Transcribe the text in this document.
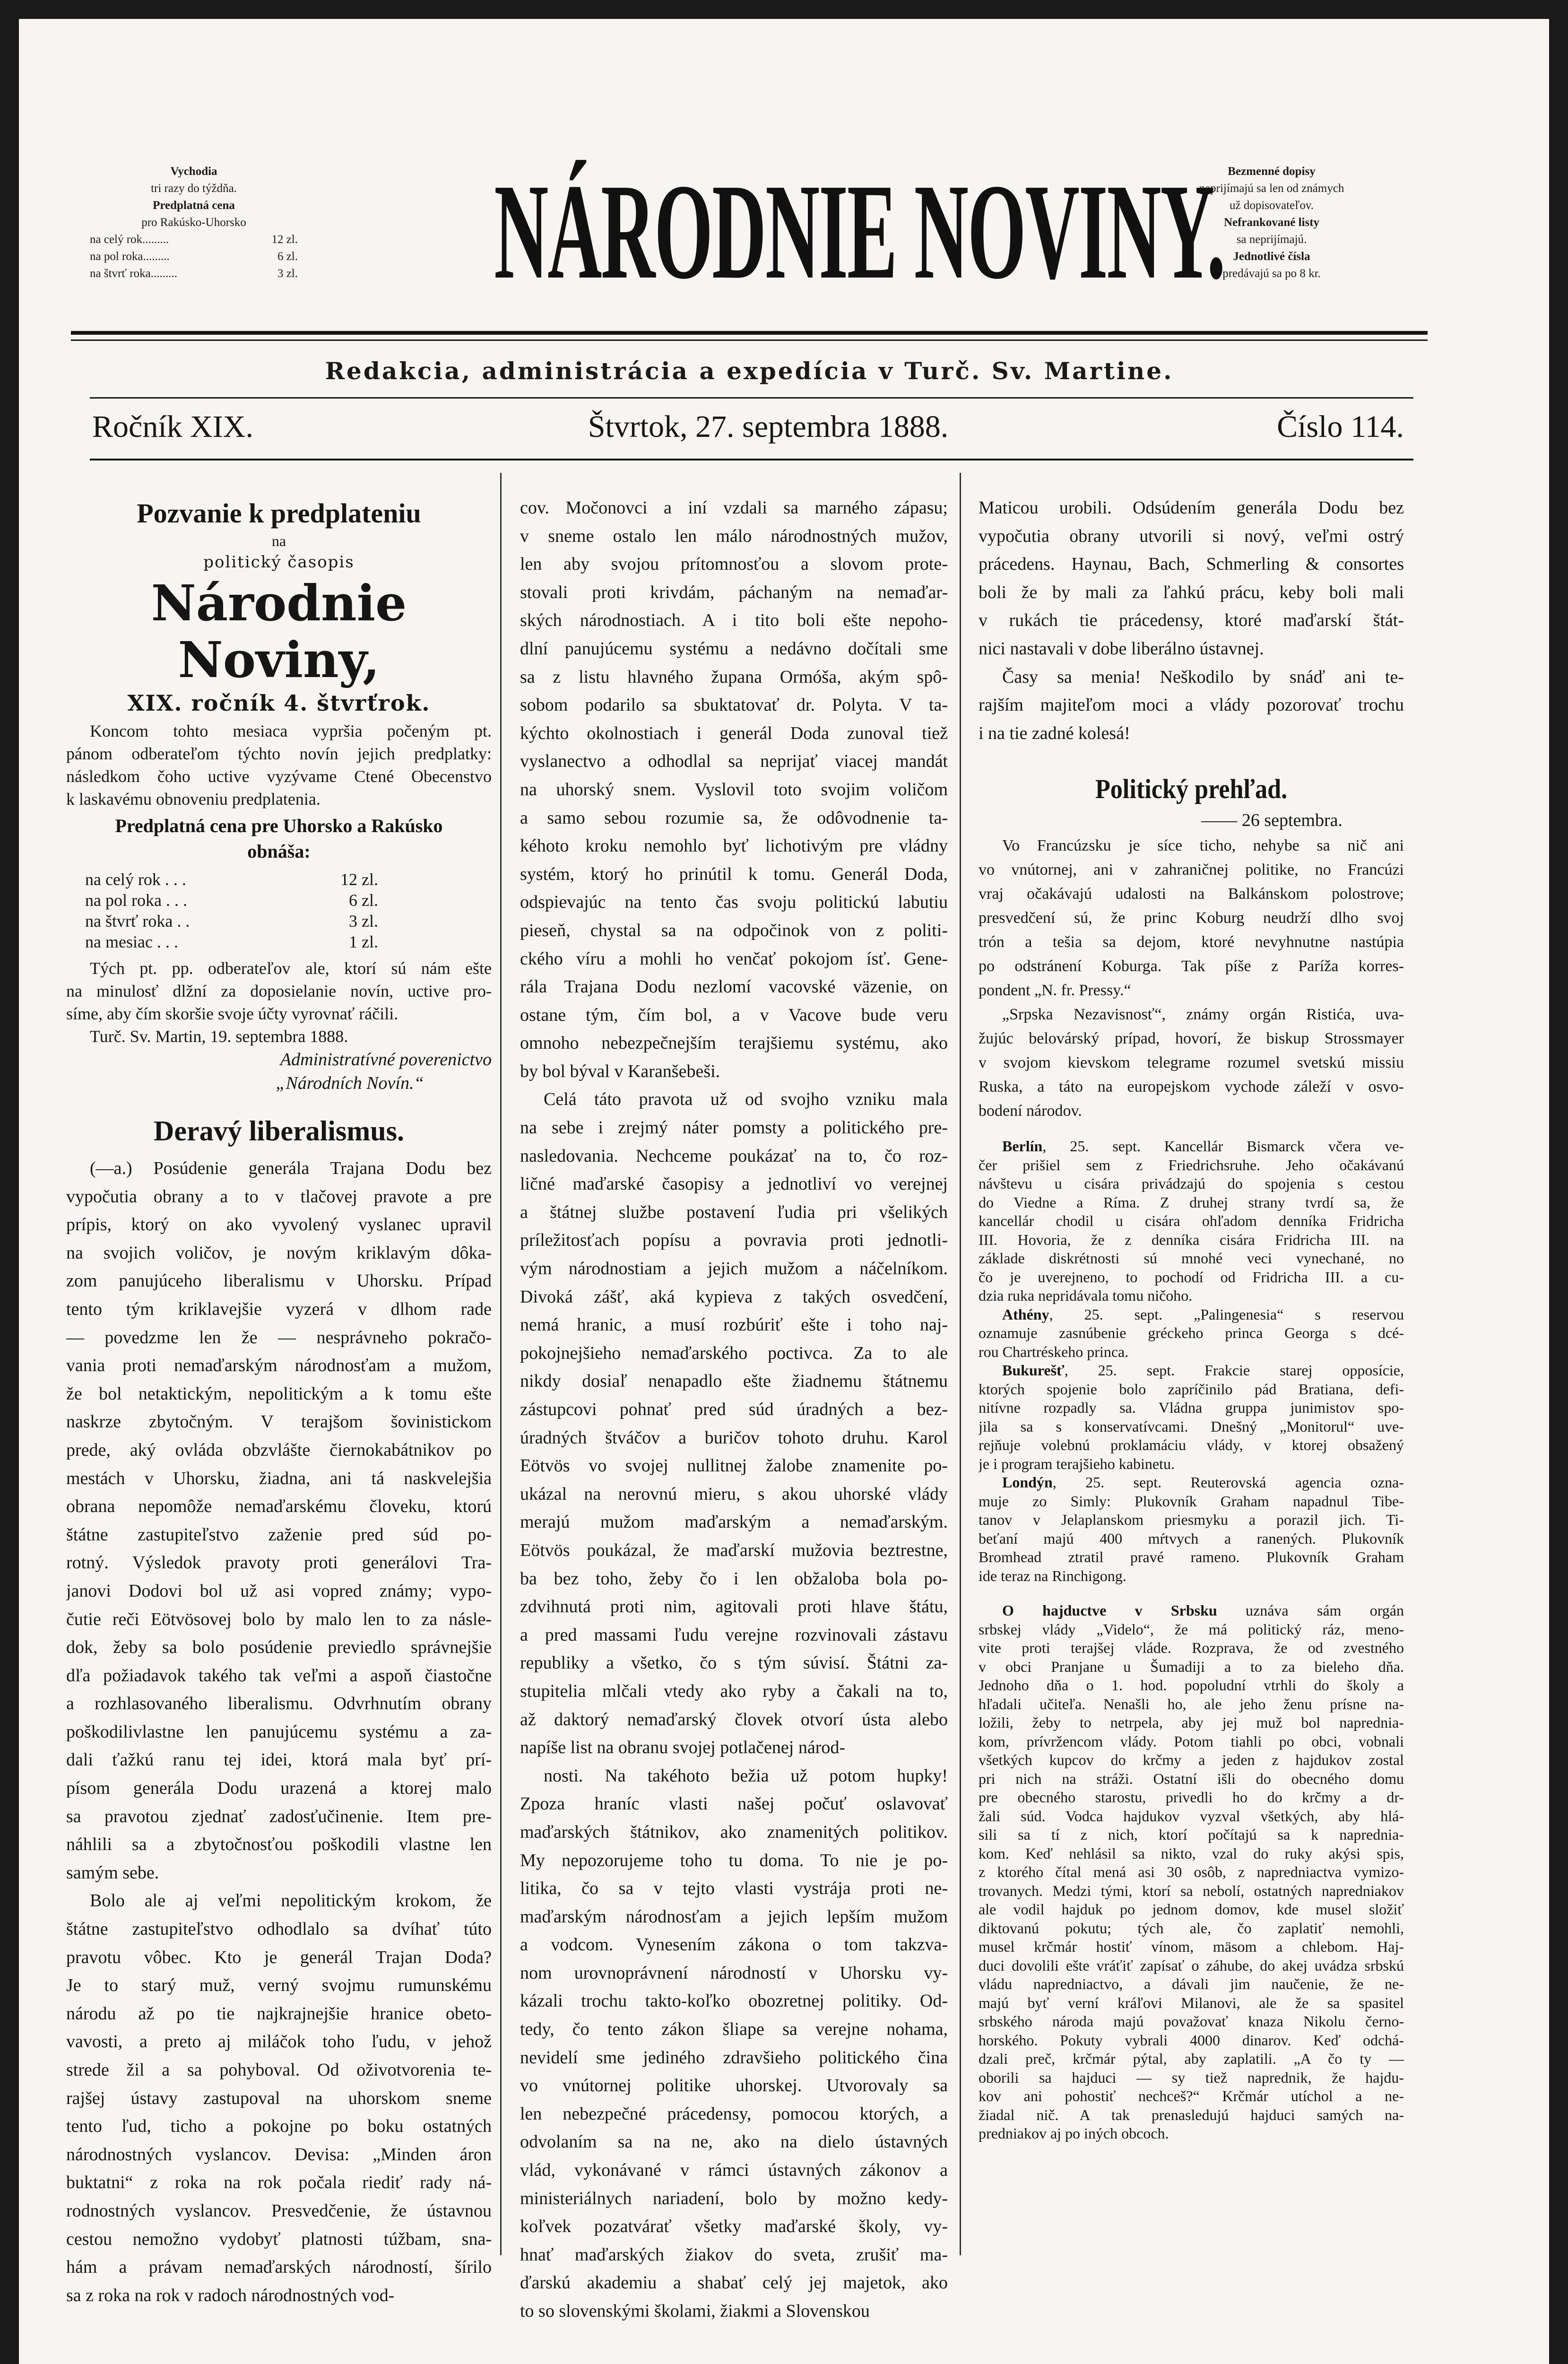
Vychodia
tri razy do týždňa.
Predplatná cena
pro Rakúsko-Uhorsko
na celý rok.........	12 zl.
na pol roka.........	6 zl.
na štvrť roka.........	3 zl. NÁRODNIE NOVINY. Bezmenné dopisy
neprijímajú sa len od známych
už dopisovateľov.
Nefrankované listy
sa neprijímajú.
Jednotlivé čísla
predávajú sa po 8 kr.
Redakcia, administrácia a expedícia v Turč. Sv. Martine.
Ročník XIX.	Štvrtok, 27. septembra 1888.	Číslo 114.
Pozvanie k predplateniu
na
politický časopis
Národnie Noviny,
XIX. ročník 4. štvrťrok.
Koncom tohto mesiaca vypršia počeným pt.
pánom odberateľom týchto novín jejich predplatky:
následkom čoho uctive vyzývame Ctené Obecenstvo
k laskavému obnoveniu predplatenia.
Predplatná cena pre Uhorsko a Rakúsko
obnáša:
na celý rok . . .	12 zl.
na pol roka . . .	6 zl.
na štvrť roka . .	3 zl.
na mesiac . . .	1 zl.
Tých pt. pp. odberateľov ale, ktorí sú nám ešte
na minulosť dlžní za doposielanie novín, uctive pro-
síme, aby čím skoršie svoje účty vyrovnať ráčili.
Turč. Sv. Martin, 19. septembra 1888.
Administratívné poverenictvo
„Národních Novín.“
Deravý liberalismus.
(—a.) Posúdenie generála Trajana Dodu bez
vypočutia obrany a to v tlačovej pravote a pre
prípis, ktorý on ako vyvolený vyslanec upravil
na svojich voličov, je novým kriklavým dôka-
zom panujúceho liberalismu v Uhorsku. Prípad
tento tým kriklavejšie vyzerá v dlhom rade
— povedzme len že — nesprávneho pokračo-
vania proti nemaďarským národnosťam a mužom,
že bol netaktickým, nepolitickým a k tomu ešte
naskrze zbytočným. V terajšom šovinistickom
prede, aký ovláda obzvlášte čiernokabátnikov po
mestách v Uhorsku, žiadna, ani tá naskvelejšia
obrana nepomôže nemaďarskému človeku, ktorú
štátne zastupiteľstvo zaženie pred súd po-
rotný. Výsledok pravoty proti generálovi Tra-
janovi Dodovi bol už asi vopred známy; vypo-
čutie reči Eötvösovej bolo by malo len to za násle-
dok, žeby sa bolo posúdenie previedlo správnejšie
dľa požiadavok takého tak veľmi a aspoň čiastočne
a rozhlasovaného liberalismu. Odvrhnutím obrany
poškodilivlastne len panujúcemu systému a za-
dali ťažkú ranu tej idei, ktorá mala byť prí-
písom generála Dodu urazená a ktorej malo
sa pravotou zjednať zadosťučinenie. Item pre-
náhlili sa a zbytočnosťou poškodili vlastne len
samým sebe.
Bolo ale aj veľmi nepolitickým krokom, že
štátne zastupiteľstvo odhodlalo sa dvíhať túto
pravotu vôbec. Kto je generál Trajan Doda?
Je to starý muž, verný svojmu rumunskému
národu až po tie najkrajnejšie hranice obeto-
vavosti, a preto aj miláčok toho ľudu, v jehož
strede žil a sa pohyboval. Od oživotvorenia te-
rajšej ústavy zastupoval na uhorskom sneme
tento ľud, ticho a pokojne po boku ostatných
národnostných vyslancov. Devisa: „Minden áron
buktatni“ z roka na rok počala riediť rady ná-
rodnostných vyslancov. Presvedčenie, že ústavnou
cestou nemožno vydobyť platnosti túžbam, sna-
hám a právam nemaďarských národností, šírilo
sa z roka na rok v radoch národnostných vod-
cov. Močonovci a iní vzdali sa marného zápasu;
v sneme ostalo len málo národnostných mužov,
len aby svojou prítomnosťou a slovom prote-
stovali proti krivdám, páchaným na nemaďar-
ských národnostiach. A i tito boli ešte nepoho-
dlní panujúcemu systému a nedávno dočítali sme
sa z listu hlavného župana Ormóša, akým spô-
sobom podarilo sa sbuktatovať dr. Polyta. V ta-
kýchto okolnostiach i generál Doda zunoval tiež
vyslanectvo a odhodlal sa neprijať viacej mandát
na uhorský snem. Vyslovil toto svojim voličom
a samo sebou rozumie sa, že odôvodnenie ta-
kéhoto kroku nemohlo byť lichotivým pre vládny
systém, ktorý ho prinútil k tomu. Generál Doda,
odspievajúc na tento čas svoju politickú labutiu
pieseň, chystal sa na odpočinok von z politi-
ckého víru a mohli ho venčať pokojom ísť. Gene-
rála Trajana Dodu nezlomí vacovské väzenie, on
ostane tým, čím bol, a v Vacove bude veru
omnoho nebezpečnejším terajšiemu systému, ako
by bol býval v Karanšebeši.
Celá táto pravota už od svojho vzniku mala
na sebe i zrejmý náter pomsty a politického pre-
nasledovania. Nechceme poukázať na to, čo roz-
ličné maďarské časopisy a jednotliví vo verejnej
a štátnej službe postavení ľudia pri všelikých
príležitosťach popísu a povravia proti jednotli-
vým národnostiam a jejich mužom a náčelníkom.
Divoká zášť, aká kypieva z takých osvedčení,
nemá hranic, a musí rozbúriť ešte i toho naj-
pokojnejšieho nemaďarského poctivca. Za to ale
nikdy dosiaľ nenapadlo ešte žiadnemu štátnemu
zástupcovi pohnať pred súd úradných a bez-
úradných štváčov a buričov tohoto druhu. Karol
Eötvös vo svojej nullitnej žalobe znamenite po-
ukázal na nerovnú mieru, s akou uhorské vlády
merajú mužom maďarským a nemaďarským.
Eötvös poukázal, že maďarskí mužovia beztrestne,
ba bez toho, žeby čo i len obžaloba bola po-
zdvihnutá proti nim, agitovali proti hlave štátu,
a pred massami ľudu verejne rozvinovali zástavu
republiky a všetko, čo s tým súvisí. Štátni za-
stupitelia mlčali vtedy ako ryby a čakali na to,
až daktorý nemaďarský človek otvorí ústa alebo
napíše list na obranu svojej potlačenej národ-
nosti. Na takéhoto bežia už potom hupky!
Zpoza hraníc vlasti našej počuť oslavovať
maďarských štátnikov, ako znamenitých politikov.
My nepozorujeme toho tu doma. To nie je po-
litika, čo sa v tejto vlasti vystrája proti ne-
maďarským národnosťam a jejich lepším mužom
a vodcom. Vynesením zákona o tom takzva-
nom urovnoprávnení národností v Uhorsku vy-
kázali trochu takto-koľko obozretnej politiky. Od-
tedy, čo tento zákon šliape sa verejne nohama,
nevidelí sme jediného zdravšieho politického čina
vo vnútornej politike uhorskej. Utvorovaly sa
len nebezpečné prácedensy, pomocou ktorých, a
odvolaním sa na ne, ako na dielo ústavných
vlád, vykonávané v rámci ústavných zákonov a
ministeriálnych nariadení, bolo by možno kedy-
koľvek pozatvárať všetky maďarské školy, vy-
hnať maďarských žiakov do sveta, zrušiť ma-
ďarskú akademiu a shabať celý jej majetok, ako
to so slovenskými školami, žiakmi a Slovenskou
Maticou urobili. Odsúdením generála Dodu bez
vypočutia obrany utvorili si nový, veľmi ostrý
prácedens. Haynau, Bach, Schmerling & consortes
boli že by mali za ľahkú prácu, keby boli mali
v rukách tie prácedensy, ktoré maďarskí štát-
nici nastavali v dobe liberálno ústavnej.
Časy sa menia! Neškodilo by snáď ani te-
rajším majiteľom moci a vlády pozorovať trochu
i na tie zadné kolesá!
Politický prehľad.
—— 26 septembra.
Vo Francúzsku je síce ticho, nehybe sa nič ani
vo vnútornej, ani v zahraničnej politike, no Francúzi
vraj očakávajú udalosti na Balkánskom polostrove;
presvedčení sú, že princ Koburg neudrží dlho svoj
trón a tešia sa dejom, ktoré nevyhnutne nastúpia
po odstránení Koburga. Tak píše z Paríža korres-
pondent „N. fr. Pressy.“
„Srpska Nezavisnosť“, známy orgán Ristića, uva-
žujúc belovárský prípad, hovorí, že biskup Strossmayer
v svojom kievskom telegrame rozumel svetskú missiu
Ruska, a táto na europejskom vychode záleží v osvo-
bodení národov.
Berlín, 25. sept. Kancellár Bismarck včera ve-
čer prišiel sem z Friedrichsruhe. Jeho očakávanú
návštevu u cisára privádzajú do spojenia s cestou
do Viedne a Ríma. Z druhej strany tvrdí sa, že
kancellár chodil u cisára ohľadom denníka Fridricha
III. Hovoria, že z denníka cisára Fridricha III. na
základe diskrétnosti sú mnohé veci vynechané, no
čo je uverejneno, to pochodí od Fridricha III. a cu-
dzia ruka nepridávala tomu ničoho.
Athény, 25. sept. „Palingenesia“ s reservou
oznamuje zasnúbenie gréckeho princa Georga s dcé-
rou Chartréskeho princa.
Bukurešť, 25. sept. Frakcie starej opposície,
ktorých spojenie bolo zapríčinilo pád Bratiana, defi-
nitívne rozpadly sa. Vládna gruppa junimistov spo-
jila sa s konservatívcami. Dnešný „Monitorul“ uve-
rejňuje volebnú proklamáciu vlády, v ktorej obsažený
je i program terajšieho kabinetu.
Londýn, 25. sept. Reuterovská agencia ozna-
muje zo Simly: Plukovník Graham napadnul Tibe-
tanov v Jelaplanskom priesmyku a porazil jich. Ti-
beťaní majú 400 mŕtvych a ranených. Plukovník
Bromhead ztratil pravé rameno. Plukovník Graham
ide teraz na Rinchigong.
O hajductve v Srbsku uznáva sám orgán
srbskej vlády „Videlo“, že má politický ráz, meno-
vite proti terajšej vláde. Rozprava, že od zvestného
v obci Pranjane u Šumadiji a to za bieleho dňa.
Jednoho dňa o 1. hod. popoludní vtrhli do školy a
hľadali učiteľa. Nenašli ho, ale jeho ženu prísne na-
ložili, žeby to netrpela, aby jej muž bol napredniа-
kom, prívržencom vlády. Potom tiahli po obci, vobnali
všetkých kupcov do krčmy a jeden z hajdukov zostal
pri nich na stráži. Ostatní išli do obecného domu
pre obecného starostu, privedli ho do krčmy a dr-
žali súd. Vodca hajdukov vyzval všetkých, aby hlá-
sili sa tí z nich, ktorí počítajú sa k napredniа-
kom. Keď nehlásil sa nikto, vzal do ruky akýsi spis,
z ktorého čítal mená asi 30 osôb, z napredniactva vymizo-
trovanych. Medzi tými, ktorí sa nebolí, ostatných napredniаkov
ale vodil hajduk po jednom domov, kde musel složiť
diktovanú pokutu; tých ale, čo zaplatiť nemohli,
musel krčmár hostiť vínom, mäsom a chlebom. Haj-
duci dovolili ešte vráťiť zapísať o záhube, do akej uvádza srbskú
vládu napredniactvo, a dávali jim naučenie, že ne-
majú byť verní kráľovi Milanovi, ale že sa spasitel
srbského národa majú považovať knaza Nikolu černo-
horského. Pokuty vybrali 4000 dinarov. Keď odchá-
dzali preč, krčmár pýtal, aby zaplatili. „A čo ty —
oborili sa hajduci — sy tiež naprednik, že hajdu-
kov ani pohostiť nechceš?“ Krčmár utíchol a ne-
žiadal nič. A tak prenasledujú hajduci samých na-
predniakov aj po iných obcoch.
